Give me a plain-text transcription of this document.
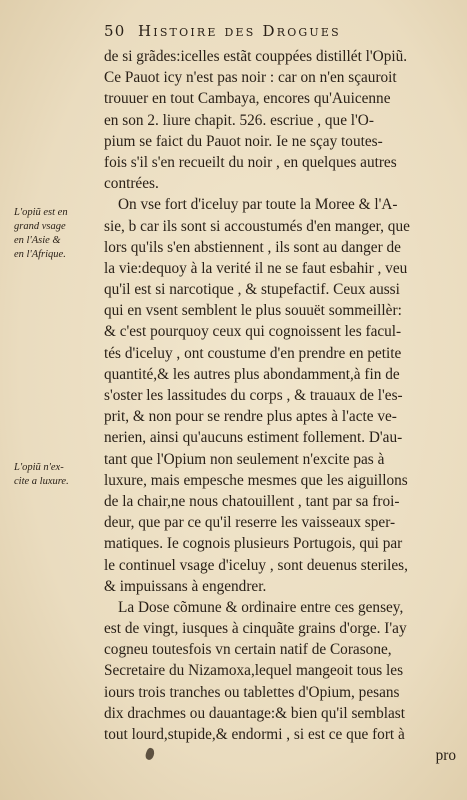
50 Histoire des Drogues
L'opiũ est en
grand vsage
en l'Asie &
en l'Afrique.
L'opiũ n'ex-
cite a luxure.
de si grãdes:icelles estãt couppées distillét l'Opiũ.
Ce Pauot icy n'est pas noir : car on n'en sçauroit
trouuer en tout Cambaya, encores qu'Auicenne
en son 2. liure chapit. 526. escriue , que l'O-
pium se faict du Pauot noir. Ie ne sçay toutes-
fois s'il s'en recueilt du noir , en quelques autres
contrées.
On vse fort d'iceluy par toute la Moree & l'A-
sie, b car ils sont si accoustumés d'en manger, que
lors qu'ils s'en abstiennent , ils sont au danger de
la vie:dequoy à la verité il ne se faut esbahir , veu
qu'il est si narcotique , & stupefactif. Ceux aussi
qui en vsent semblent le plus souuët sommeillèr:
& c'est pourquoy ceux qui cognoissent les facul-
tés d'iceluy , ont coustume d'en prendre en petite
quantité,& les autres plus abondamment,à fin de
s'oster les lassitudes du corps , & trauaux de l'es-
prit, & non pour se rendre plus aptes à l'acte ve-
nerien, ainsi qu'aucuns estiment follement. D'au-
tant que l'Opium non seulement n'excite pas à
luxure, mais empesche mesmes que les aiguillons
de la chair,ne nous chatouillent , tant par sa froi-
deur, que par ce qu'il reserre les vaisseaux sper-
matiques. Ie cognois plusieurs Portugois, qui par
le continuel vsage d'iceluy , sont deuenus steriles,
& impuissans à engendrer.
La Dose cõmune & ordinaire entre ces gensey,
est de vingt, iusques à cinquãte grains d'orge. I'ay
cogneu toutesfois vn certain natif de Corasone,
Secretaire du Nizamoxa,lequel mangeoit tous les
iours trois tranches ou tablettes d'Opium, pesans
dix drachmes ou dauantage:& bien qu'il semblast
tout lourd,stupide,& endormi , si est ce que fort à
pro
